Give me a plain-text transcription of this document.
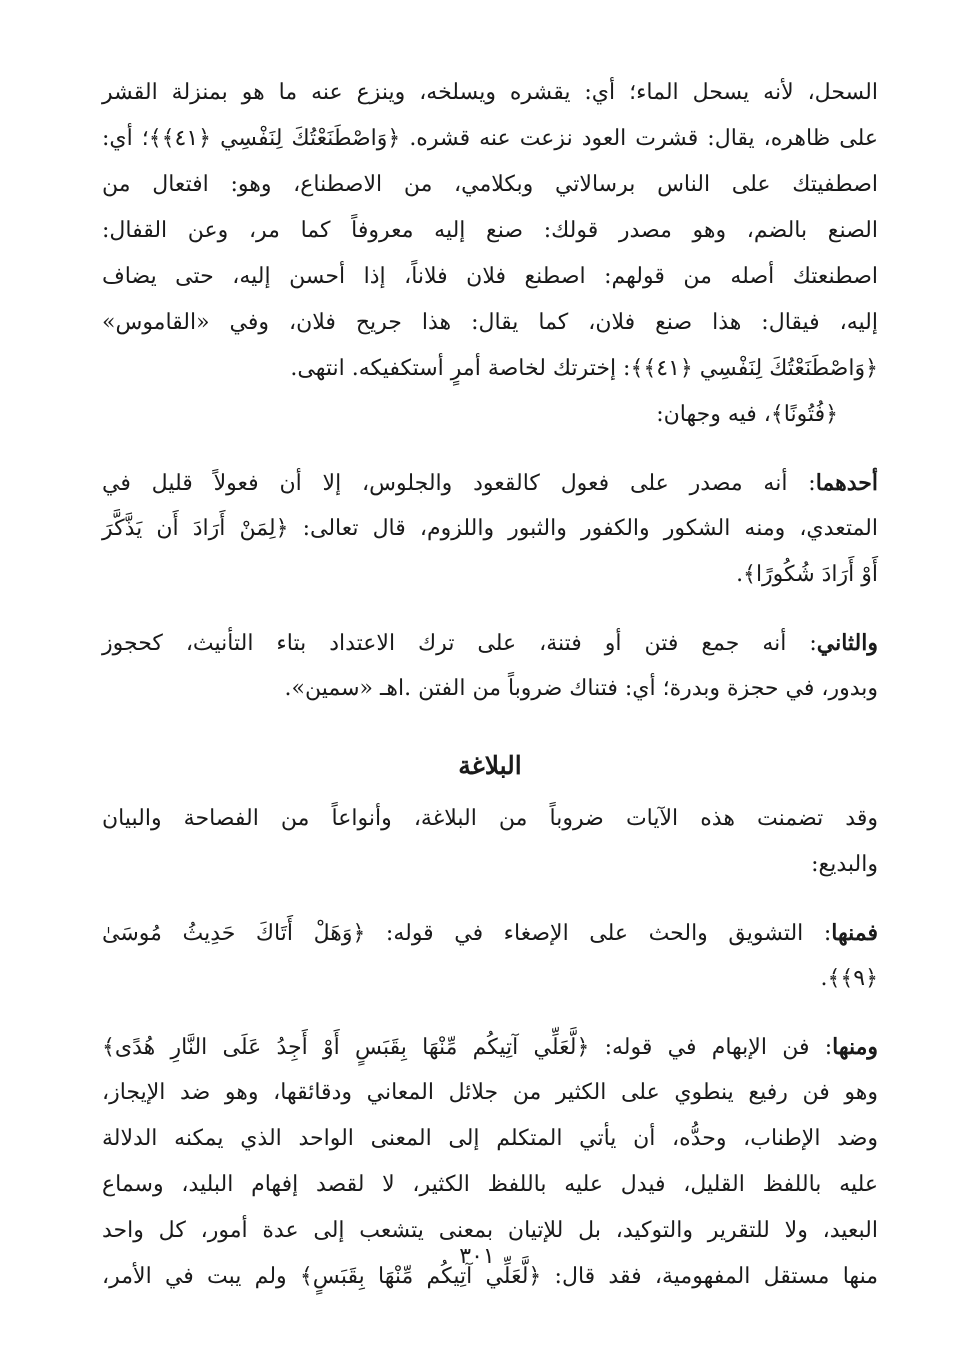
السحل، لأنه يسحل الماء؛ أي: يقشره ويسلخه، وينزع عنه ما هو بمنزلة القشر
على ظاهره، يقال: قشرت العود نزعت عنه قشره. ﴿وَاصْطَنَعْتُكَ لِنَفْسِي ﴿٤١﴾﴾؛ أي:
اصطفيتك على الناس برسالاتي وبكلامي، من الاصطناع، وهو: افتعال من
الصنع بالضم، وهو مصدر قولك: صنع إليه معروفاً كما مر، وعن القفال:
اصطنعتك أصله من قولهم: اصطنع فلان فلاناً، إذا أحسن إليه، حتى يضاف
إليه، فيقال: هذا صنع فلان، كما يقال: هذا جريح فلان، وفي «القاموس»
﴿وَاصْطَنَعْتُكَ لِنَفْسِي ﴿٤١﴾﴾: إخترتك لخاصة أمرٍ أستكفيكه. انتهى.
﴿فُتُونًا﴾، فيه وجهان:
أحدهما: أنه مصدر على فعول كالقعود والجلوس، إلا أن فعولاً قليل في
المتعدي، ومنه الشكور والكفور والثبور واللزوم، قال تعالى: ﴿لِمَنْ أَرَادَ أَن يَذَّكَّرَ
أَوْ أَرَادَ شُكُورًا﴾.
والثاني: أنه جمع فتن أو فتنة، على ترك الاعتداد بتاء التأنيث، كحجوز
وبدور، في حجزة وبدرة؛ أي: فتناك ضروباً من الفتن .اهـ «سمين».
البلاغة
وقد تضمنت هذه الآيات ضروباً من البلاغة، وأنواعاً من الفصاحة والبيان
والبديع:
فمنها: التشويق والحث على الإصغاء في قوله: ﴿وَهَلْ أَتَاكَ حَدِيثُ مُوسَىٰ
﴿٩﴾﴾.
ومنها: فن الإبهام في قوله: ﴿لَّعَلِّي آتِيكُم مِّنْهَا بِقَبَسٍ أَوْ أَجِدُ عَلَى النَّارِ هُدًى﴾
وهو فن رفيع ينطوي على الكثير من جلائل المعاني ودقائقها، وهو ضد الإيجاز،
وضد الإطناب، وحدُّه، أن يأتي المتكلم إلى المعنى الواحد الذي يمكنه الدلالة
عليه باللفظ القليل، فيدل عليه باللفظ الكثير، لا لقصد إفهام البليد، وسماع
البعيد، ولا للتقرير والتوكيد، بل للإتيان بمعنى يتشعب إلى عدة أمور، كل واحد
منها مستقل المفهومية، فقد قال: ﴿لَّعَلِّي آتِيكُم مِّنْهَا بِقَبَسٍ﴾ ولم يبت في الأمر،
٣٠١
